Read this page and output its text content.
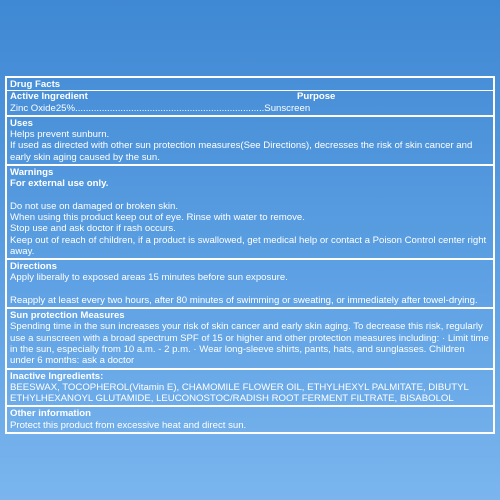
Drug Facts
Active Ingredient	Purpose
Zinc Oxide25%.......................................................................Sunscreen
Uses
Helps prevent sunburn.
If used as directed with other sun protection measures(See Directions), decresses the risk of skin cancer and early skin aging caused by the sun.
Warnings
For external use only.
Do not use on damaged or broken skin.
When using this product keep out of eye. Rinse with water to remove.
Stop use and ask doctor if rash occurs.
Keep out of reach of children, if a product is swallowed, get medical help or contact a Poison Control center right away.
Directions
Apply liberally to exposed areas 15 minutes before sun exposure.
Reapply at least every two hours, after 80 minutes of swimming or sweating, or immediately after towel-drying.
Sun protection Measures
Spending time in the sun increases your risk of skin cancer and early skin aging. To decrease this risk, regularly use a sunscreen with a broad spectrum SPF of 15 or higher and other protection measures including: · Limit time in the sun, especially from 10 a.m. - 2 p.m. · Wear long-sleeve shirts, pants, hats, and sunglasses. Children under 6 months: ask a doctor
Inactive Ingredients:
BEESWAX, TOCOPHEROL(Vitamin E), CHAMOMILE FLOWER OIL, ETHYLHEXYL PALMITATE, DIBUTYL ETHYLHEXANOYL GLUTAMIDE, LEUCONOSTOC/RADISH ROOT FERMENT FILTRATE, BISABOLOL
Other information
Protect this product from excessive heat and direct sun.
